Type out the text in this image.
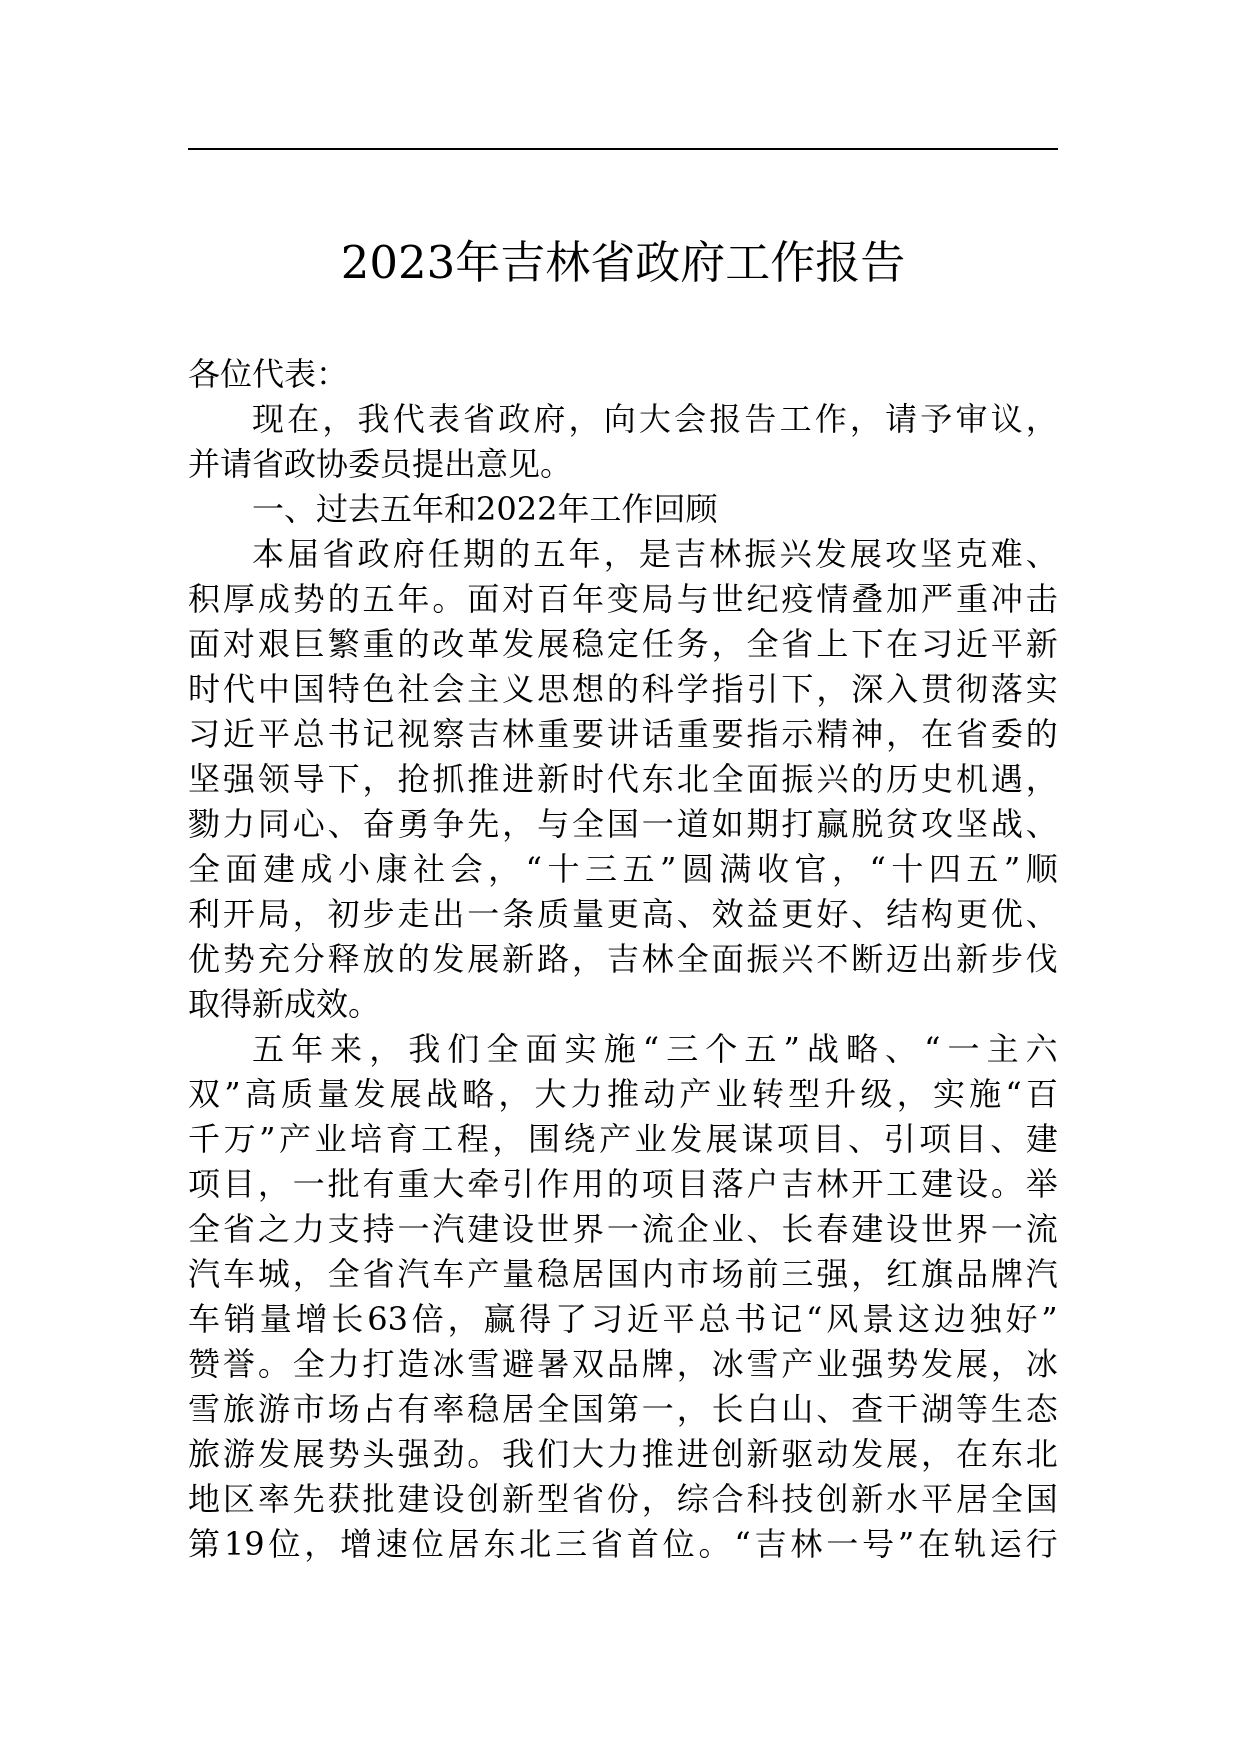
2023年吉林省政府工作报告
各位代表：
现 在 ， 我 代 表 省 政 府 ， 向 大 会 报 告 工 作 ， 请 予 审 议 ，
并请省政协委员提出意见。
一、过去五年和2022年工作回顾
本 届 省 政 府 任 期 的 五 年 ， 是 吉 林 振 兴 发 展 攻 坚 克 难 、
积 厚 成 势 的 五 年 。 面 对 百 年 变 局 与 世 纪 疫 情 叠 加 严 重 冲 击
面 对 艰 巨 繁 重 的 改 革 发 展 稳 定 任 务 ， 全 省 上 下 在 习 近 平 新
时 代 中 国 特 色 社 会 主 义 思 想 的 科 学 指 引 下 ， 深 入 贯 彻 落 实
习 近 平 总 书 记 视 察 吉 林 重 要 讲 话 重 要 指 示 精 神 ， 在 省 委 的
坚 强 领 导 下 ， 抢 抓 推 进 新 时 代 东 北 全 面 振 兴 的 历 史 机 遇 ，
勠 力 同 心 、 奋 勇 争 先 ， 与 全 国 一 道 如 期 打 赢 脱 贫 攻 坚 战 、
全 面 建 成 小 康 社 会 ， “ 十 三 五 ” 圆 满 收 官 ， “ 十 四 五 ” 顺
利 开 局 ， 初 步 走 出 一 条 质 量 更 高 、 效 益 更 好 、 结 构 更 优 、
优 势 充 分 释 放 的 发 展 新 路 ， 吉 林 全 面 振 兴 不 断 迈 出 新 步 伐
取得新成效。
五 年 来 ， 我 们 全 面 实 施 “ 三 个 五 ” 战 略 、 “ 一 主 六
双 ” 高 质 量 发 展 战 略 ， 大 力 推 动 产 业 转 型 升 级 ， 实 施 “ 百
千 万 ” 产 业 培 育 工 程 ， 围 绕 产 业 发 展 谋 项 目 、 引 项 目 、 建
项 目 ， 一 批 有 重 大 牵 引 作 用 的 项 目 落 户 吉 林 开 工 建 设 。 举
全 省 之 力 支 持 一 汽 建 设 世 界 一 流 企 业 、 长 春 建 设 世 界 一 流
汽 车 城 ， 全 省 汽 车 产 量 稳 居 国 内 市 场 前 三 强 ， 红 旗 品 牌 汽
车 销 量 增 长 63 倍 ， 赢 得 了 习 近 平 总 书 记 “ 风 景 这 边 独 好 ”
赞 誉 。 全 力 打 造 冰 雪 避 暑 双 品 牌 ， 冰 雪 产 业 强 势 发 展 ， 冰
雪 旅 游 市 场 占 有 率 稳 居 全 国 第 一 ， 长 白 山 、 查 干 湖 等 生 态
旅 游 发 展 势 头 强 劲 。 我 们 大 力 推 进 创 新 驱 动 发 展 ， 在 东 北
地 区 率 先 获 批 建 设 创 新 型 省 份 ， 综 合 科 技 创 新 水 平 居 全 国
第 19 位 ， 增 速 位 居 东 北 三 省 首 位 。 “ 吉 林 一 号 ” 在 轨 运 行
